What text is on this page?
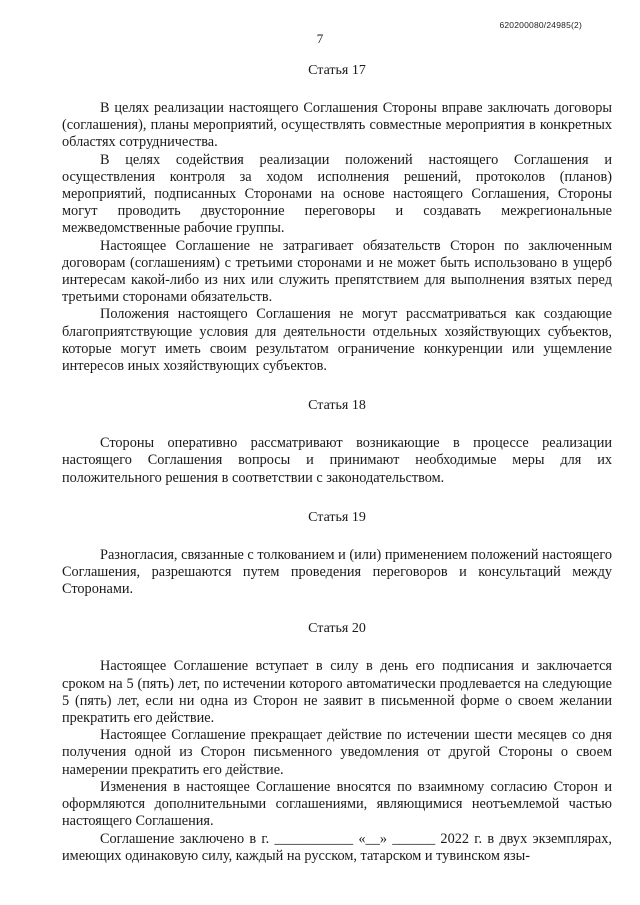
620200080/24985(2)
7
Статья 17

В целях реализации настоящего Соглашения Стороны вправе заключать договоры (соглашения), планы мероприятий, осуществлять совместные мероприятия в конкретных областях сотрудничества.

В целях содействия реализации положений настоящего Соглашения и осуществления контроля за ходом исполнения решений, протоколов (планов) мероприятий, подписанных Сторонами на основе настоящего Соглашения, Стороны могут проводить двусторонние переговоры и создавать межрегиональные межведомственные рабочие группы.

Настоящее Соглашение не затрагивает обязательств Сторон по заключенным договорам (соглашениям) с третьими сторонами и не может быть использовано в ущерб интересам какой-либо из них или служить препятствием для выполнения взятых перед третьими сторонами обязательств.

Положения настоящего Соглашения не могут рассматриваться как создающие благоприятствующие условия для деятельности отдельных хозяйствующих субъектов, которые могут иметь своим результатом ограничение конкуренции или ущемление интересов иных хозяйствующих субъектов.

Статья 18

Стороны оперативно рассматривают возникающие в процессе реализации настоящего Соглашения вопросы и принимают необходимые меры для их положительного решения в соответствии с законодательством.

Статья 19

Разногласия, связанные с толкованием и (или) применением положений настоящего Соглашения, разрешаются путем проведения переговоров и консультаций между Сторонами.

Статья 20

Настоящее Соглашение вступает в силу в день его подписания и заключается сроком на 5 (пять) лет, по истечении которого автоматически продлевается на следующие 5 (пять) лет, если ни одна из Сторон не заявит в письменной форме о своем желании прекратить его действие.

Настоящее Соглашение прекращает действие по истечении шести месяцев со дня получения одной из Сторон письменного уведомления от другой Стороны о своем намерении прекратить его действие.

Изменения в настоящее Соглашение вносятся по взаимному согласию Сторон и оформляются дополнительными соглашениями, являющимися неотъемлемой частью настоящего Соглашения.

Соглашение заключено в г. ___________ «__» ______ 2022 г. в двух экземплярах, имеющих одинаковую силу, каждый на русском, татарском и тувинском язы-
